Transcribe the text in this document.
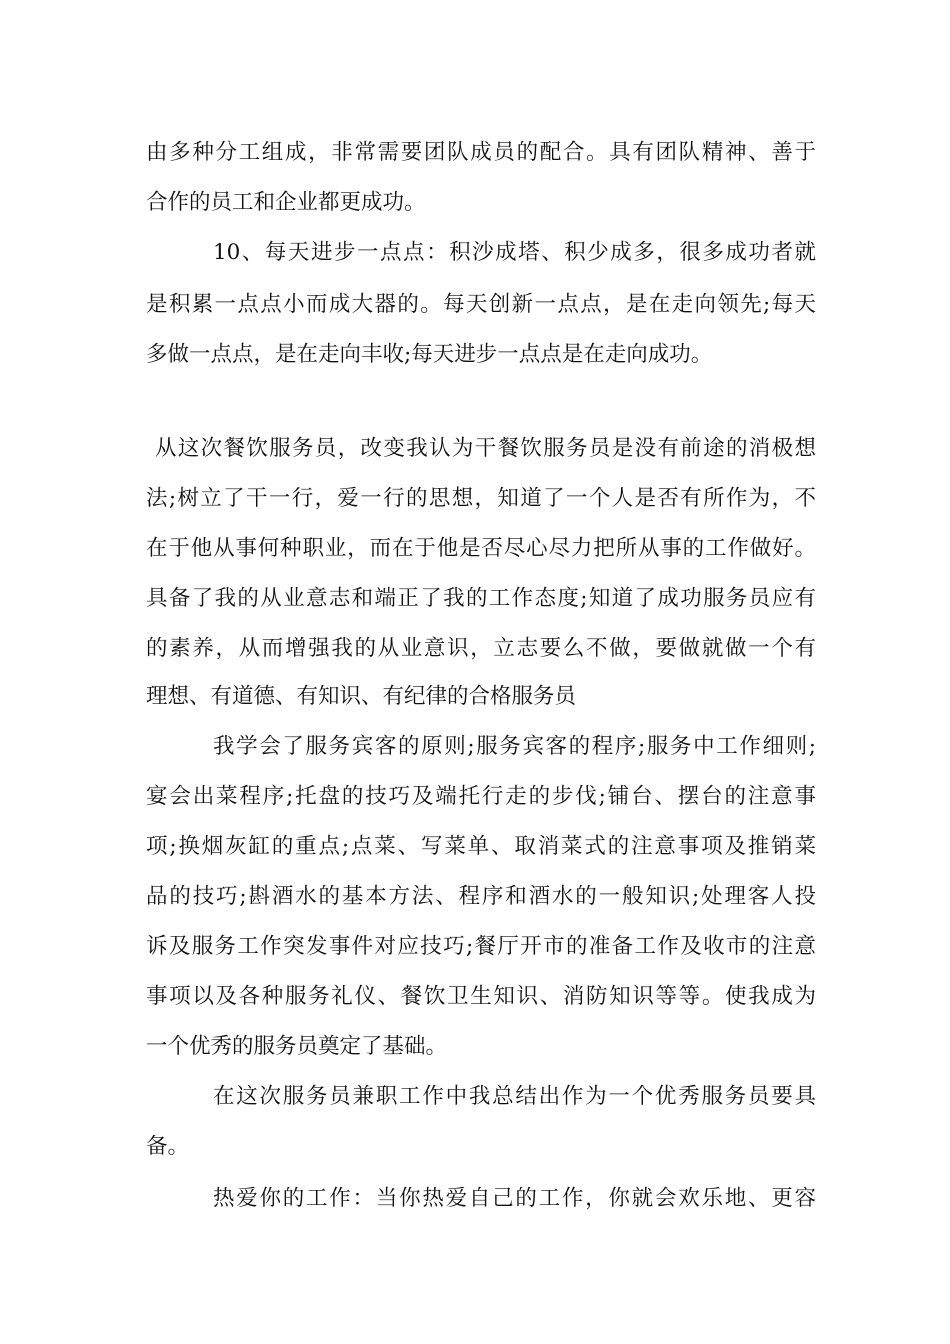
由多种分工组成，非常需要团队成员的配合。具有团队精神、善于
合作的员工和企业都更成功。
10、每天进步一点点：积沙成塔、积少成多，很多成功者就
是积累一点点小而成大器的。每天创新一点点，是在走向领先;每天
多做一点点，是在走向丰收;每天进步一点点是在走向成功。
从这次餐饮服务员，改变我认为干餐饮服务员是没有前途的消极想
法;树立了干一行，爱一行的思想，知道了一个人是否有所作为，不
在于他从事何种职业，而在于他是否尽心尽力把所从事的工作做好。
具备了我的从业意志和端正了我的工作态度;知道了成功服务员应有
的素养，从而增强我的从业意识，立志要么不做，要做就做一个有
理想、有道德、有知识、有纪律的合格服务员
我学会了服务宾客的原则;服务宾客的程序;服务中工作细则;
宴会出菜程序;托盘的技巧及端托行走的步伐;铺台、摆台的注意事
项;换烟灰缸的重点;点菜、写菜单、取消菜式的注意事项及推销菜
品的技巧;斟酒水的基本方法、程序和酒水的一般知识;处理客人投
诉及服务工作突发事件对应技巧;餐厅开市的准备工作及收市的注意
事项以及各种服务礼仪、餐饮卫生知识、消防知识等等。使我成为
一个优秀的服务员奠定了基础。
在这次服务员兼职工作中我总结出作为一个优秀服务员要具
备。
热爱你的工作：当你热爱自己的工作，你就会欢乐地、更容
